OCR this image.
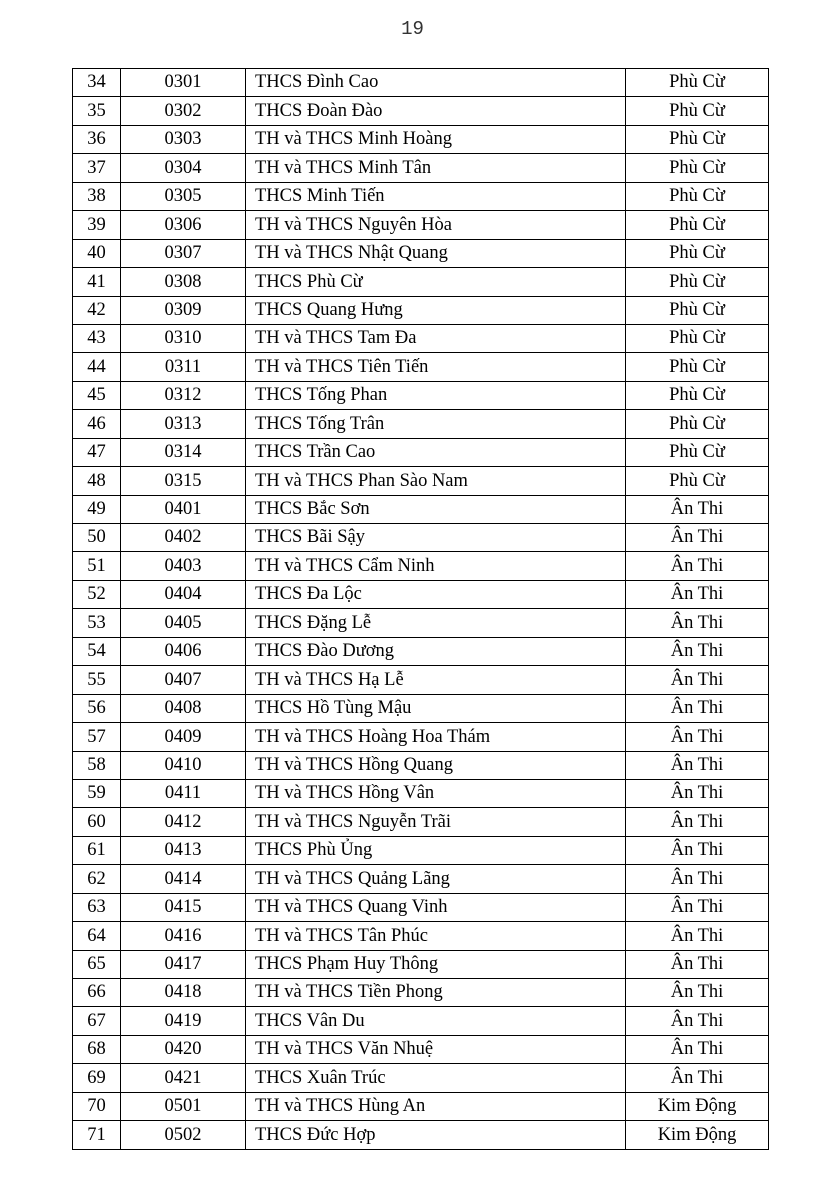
19
34	0301	THCS Đình Cao	Phù Cừ
35	0302	THCS Đoàn Đào	Phù Cừ
36	0303	TH và THCS Minh Hoàng	Phù Cừ
37	0304	TH và THCS Minh Tân	Phù Cừ
38	0305	THCS Minh Tiến	Phù Cừ
39	0306	TH và THCS Nguyên Hòa	Phù Cừ
40	0307	TH và THCS Nhật Quang	Phù Cừ
41	0308	THCS Phù Cừ	Phù Cừ
42	0309	THCS Quang Hưng	Phù Cừ
43	0310	TH và THCS Tam Đa	Phù Cừ
44	0311	TH và THCS Tiên Tiến	Phù Cừ
45	0312	THCS Tống Phan	Phù Cừ
46	0313	THCS Tống Trân	Phù Cừ
47	0314	THCS Trần Cao	Phù Cừ
48	0315	TH và THCS Phan Sào Nam	Phù Cừ
49	0401	THCS Bắc Sơn	Ân Thi
50	0402	THCS Bãi Sậy	Ân Thi
51	0403	TH và THCS Cẩm Ninh	Ân Thi
52	0404	THCS Đa Lộc	Ân Thi
53	0405	THCS Đặng Lễ	Ân Thi
54	0406	THCS Đào Dương	Ân Thi
55	0407	TH và THCS Hạ Lễ	Ân Thi
56	0408	THCS Hồ Tùng Mậu	Ân Thi
57	0409	TH và THCS Hoàng Hoa Thám	Ân Thi
58	0410	TH và THCS Hồng Quang	Ân Thi
59	0411	TH và THCS Hồng Vân	Ân Thi
60	0412	TH và THCS Nguyễn Trãi	Ân Thi
61	0413	THCS Phù Ủng	Ân Thi
62	0414	TH và THCS Quảng Lãng	Ân Thi
63	0415	TH và THCS Quang Vinh	Ân Thi
64	0416	TH và THCS Tân Phúc	Ân Thi
65	0417	THCS Phạm Huy Thông	Ân Thi
66	0418	TH và THCS Tiền Phong	Ân Thi
67	0419	THCS Vân Du	Ân Thi
68	0420	TH và THCS Văn Nhuệ	Ân Thi
69	0421	THCS Xuân Trúc	Ân Thi
70	0501	TH và THCS Hùng An	Kim Động
71	0502	THCS Đức Hợp	Kim Động
